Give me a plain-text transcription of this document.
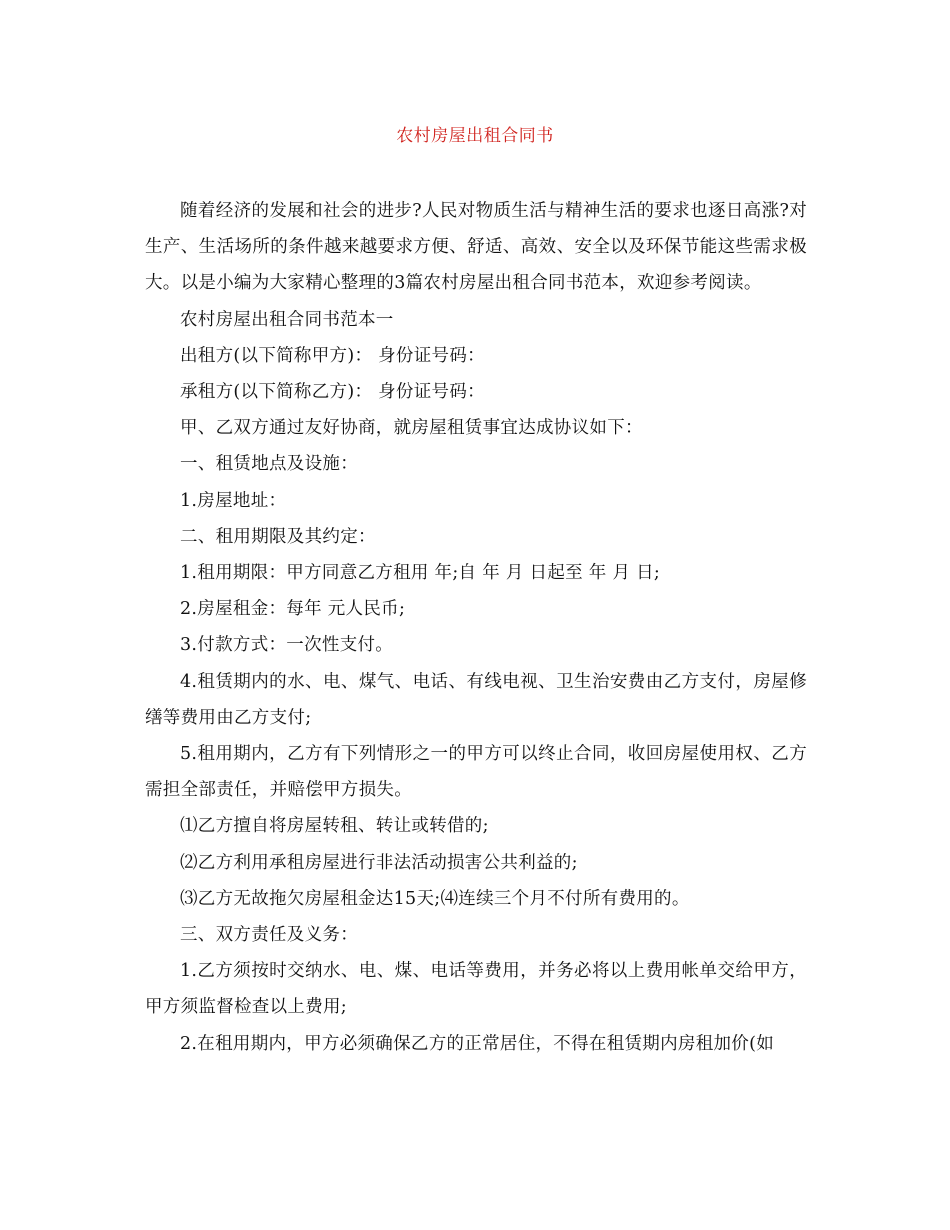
农村房屋出租合同书

随着经济的发展和社会的进步?人民对物质生活与精神生活的要求也逐日高涨?对生产、生活场所的条件越来越要求方便、舒适、高效、安全以及环保节能这些需求极大。以是小编为大家精心整理的3篇农村房屋出租合同书范本，欢迎参考阅读。

农村房屋出租合同书范本一

出租方(以下简称甲方)： 身份证号码：

承租方(以下简称乙方)： 身份证号码：

甲、乙双方通过友好协商，就房屋租赁事宜达成协议如下：

一、租赁地点及设施：

1.房屋地址：

二、租用期限及其约定：

1.租用期限：甲方同意乙方租用 年;自 年 月 日起至 年 月 日;

2.房屋租金：每年 元人民币;

3.付款方式：一次性支付。

4.租赁期内的水、电、煤气、电话、有线电视、卫生治安费由乙方支付，房屋修缮等费用由乙方支付;

5.租用期内，乙方有下列情形之一的甲方可以终止合同，收回房屋使用权、乙方需担全部责任，并赔偿甲方损失。

⑴乙方擅自将房屋转租、转让或转借的;

⑵乙方利用承租房屋进行非法活动损害公共利益的;

⑶乙方无故拖欠房屋租金达15天;⑷连续三个月不付所有费用的。

三、双方责任及义务：

1.乙方须按时交纳水、电、煤、电话等费用，并务必将以上费用帐单交给甲方，甲方须监督检查以上费用;

2.在租用期内，甲方必须确保乙方的正常居住，不得在租赁期内房租加价(如
